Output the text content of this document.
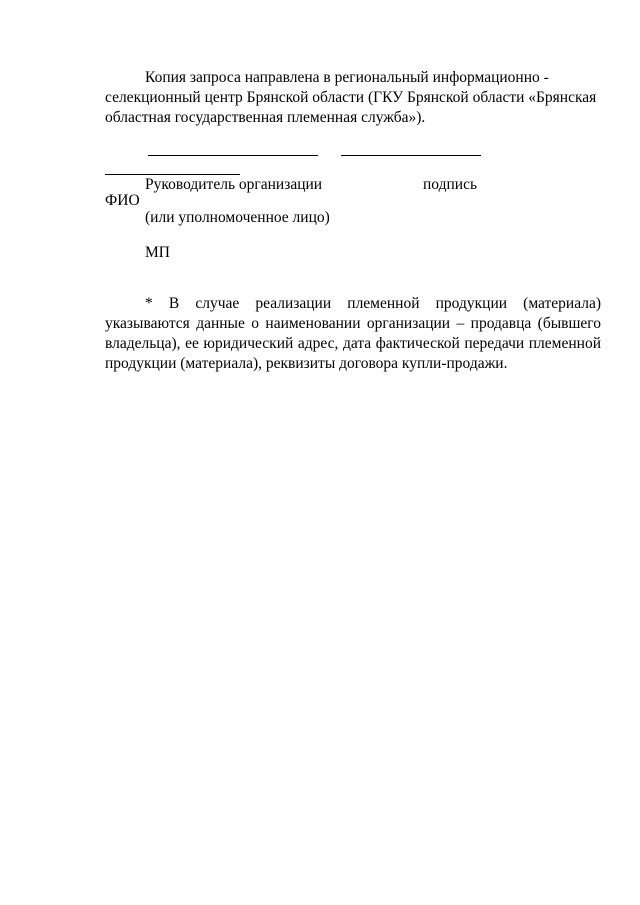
Копия запроса направлена в региональный информационно - селекционный центр Брянской области (ГКУ Брянской области «Брянская областная государственная племенная служба»).

Руководитель организации	подпись
ФИО
(или уполномоченное лицо)
МП

* В случае реализации племенной продукции (материала) указываются данные о наименовании организации – продавца (бывшего владельца), ее юридический адрес, дата фактической передачи племенной продукции (материала), реквизиты договора купли-продажи.
